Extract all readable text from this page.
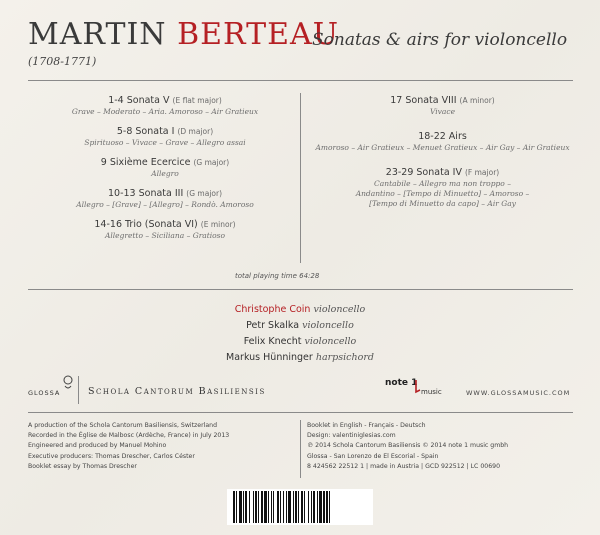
MARTIN BERTEAU
Sonatas & airs for violoncello
(1708-1771)
1-4 Sonata V (E flat major)
Grave – Moderato – Aria. Amoroso – Air Gratieux
5-8 Sonata I (D major)
Spirituoso – Vivace – Grave – Allegro assai
9 Sixième Ecercice (G major)
Allegro
10-13 Sonata III (G major)
Allegro – [Grave] – [Allegro] – Rondò. Amoroso
14-16 Trio (Sonata VI) (E minor)
Allegretto – Siciliana – Gratioso
17 Sonata VIII (A minor)
Vivace
18-22 Airs
Amoroso – Air Gratieux – Menuet Gratieux – Air Gay – Air Gratieux
23-29 Sonata IV (F major)
Cantabile – Allegro ma non troppo –
Andantino – [Tempo di Minuetto] – Amoroso –
[Tempo di Minuetto da capo] – Air Gay
total playing time 64:28
Christophe Coin violoncello
Petr Skalka violoncello
Felix Knecht violoncello
Markus Hünninger harpsichord
GLOSSA	Schola Cantorum Basiliensis
note 1
music	WWW.GLOSSAMUSIC.COM
A production of the Schola Cantorum Basiliensis, Switzerland
Recorded in the Église de Malbosc (Ardèche, France) in July 2013
Engineered and produced by Manuel Mohino
Executive producers: Thomas Drescher, Carlos Céster
Booklet essay by Thomas Drescher
Booklet in English - Français - Deutsch
Design: valentiniglesias.com
℗ 2014 Schola Cantorum Basiliensis © 2014 note 1 music gmbh
Glossa - San Lorenzo de El Escorial - Spain
8 424562 22512 1 | made in Austria | GCD 922512 | LC 00690
